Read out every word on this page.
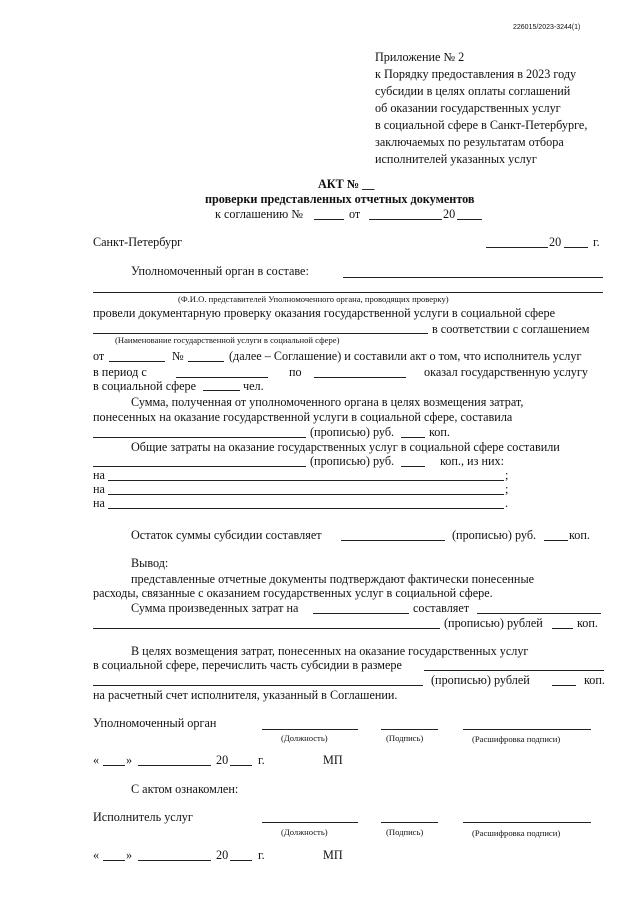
226015/2023-3244(1)
Приложение № 2
к Порядку предоставления в 2023 году
субсидии в целях оплаты соглашений
об оказании государственных услуг
в социальной сфере в Санкт-Петербурге,
заключаемых по результатам отбора
исполнителей указанных услуг
АКТ № __
проверки представленных отчетных документов
к соглашению №	от	20
Санкт-Петербург	20	г.
Уполномоченный орган в составе:
(Ф.И.О. представителей Уполномоченного органа, проводящих проверку)
провели документарную проверку оказания государственной услуги в социальной сфере
в соответствии с соглашением
(Наименование государственной услуги в социальной сфере)
от	№	(далее – Соглашение) и составили акт о том, что исполнитель услуг
в период с	по	оказал государственную услугу
в социальной сфере	чел.
Сумма, полученная от уполномоченного органа в целях возмещения затрат,
понесенных на оказание государственной услуги в социальной сфере, составила
(прописью) руб.	коп.
Общие затраты на оказание государственных услуг в социальной сфере составили
(прописью) руб.	коп., из них:
на	;
на	;
на	.
Остаток суммы субсидии составляет	(прописью) руб.	коп.
Вывод:
представленные отчетные документы подтверждают фактически понесенные
расходы, связанные с оказанием государственных услуг в социальной сфере.
Сумма произведенных затрат на	составляет
(прописью) рублей	коп.
В целях возмещения затрат, понесенных на оказание государственных услуг
в социальной сфере, перечислить часть субсидии в размере
(прописью) рублей	коп.
на расчетный счет исполнителя, указанный в Соглашении.
Уполномоченный орган
(Должность)	(Подпись)	(Расшифровка подписи)
« »	20 г.	МП
С актом ознакомлен:
Исполнитель услуг
(Должность)	(Подпись)	(Расшифровка подписи)
« »	20 г.	МП
